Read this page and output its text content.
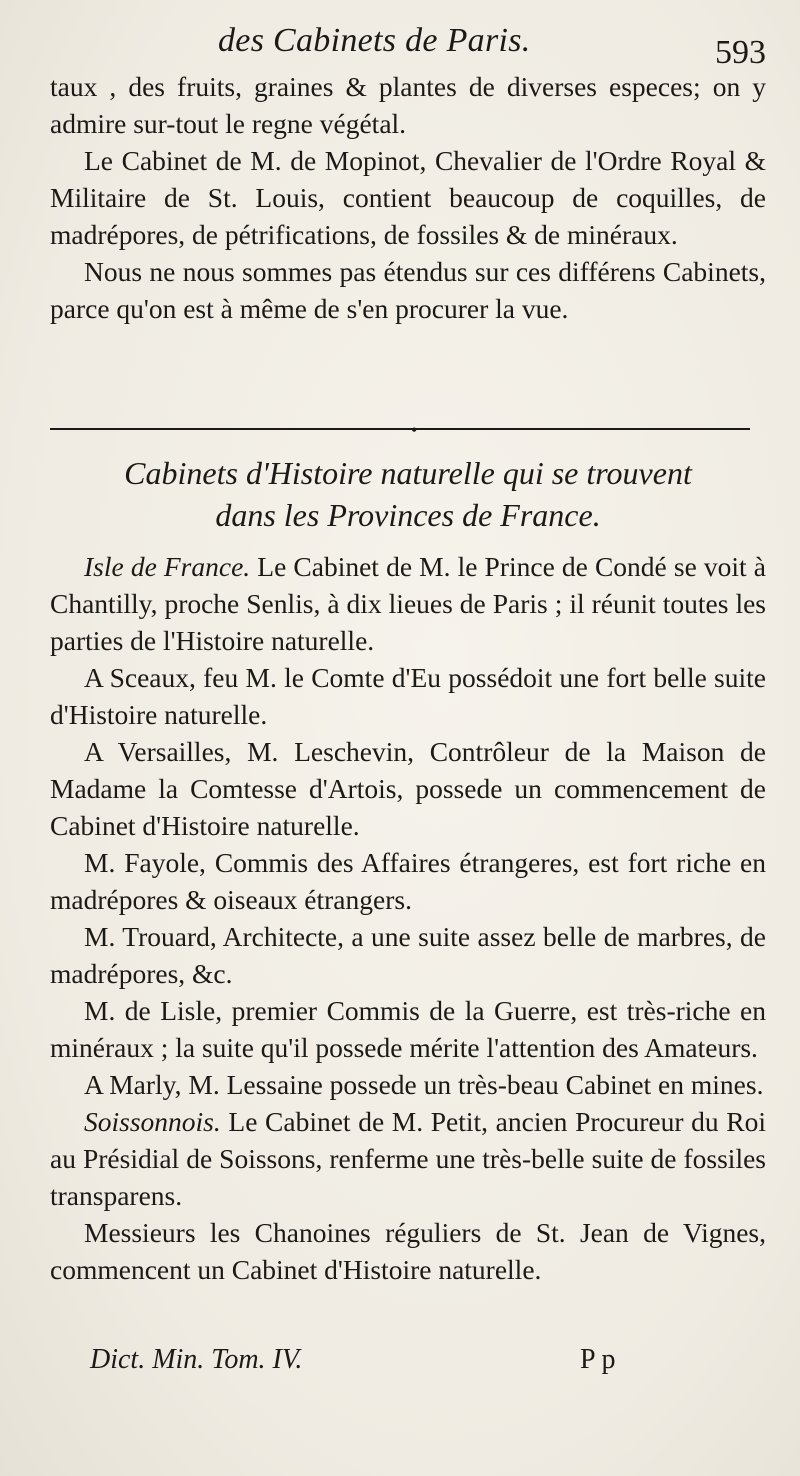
des Cabinets de Paris.	593

taux , des fruits, graines & plantes de diverses especes; on y admire sur-tout le regne végétal.

Le Cabinet de M. de Mopinot, Chevalier de l'Ordre Royal & Militaire de St. Louis, contient beaucoup de coquilles, de madrépores, de pétrifications, de fossiles & de minéraux.

Nous ne nous sommes pas étendus sur ces différens Cabinets, parce qu'on est à même de s'en procurer la vue.

•
Cabinets d'Histoire naturelle qui se trouvent
dans les Provinces de France.

Isle de France. Le Cabinet de M. le Prince de Condé se voit à Chantilly, proche Senlis, à dix lieues de Paris ; il réunit toutes les parties de l'Histoire naturelle.

A Sceaux, feu M. le Comte d'Eu possédoit une fort belle suite d'Histoire naturelle.

A Versailles, M. Leschevin, Contrôleur de la Maison de Madame la Comtesse d'Artois, possede un commencement de Cabinet d'Histoire naturelle.

M. Fayole, Commis des Affaires étrangeres, est fort riche en madrépores & oiseaux étrangers.

M. Trouard, Architecte, a une suite assez belle de marbres, de madrépores, &c.

M. de Lisle, premier Commis de la Guerre, est très-riche en minéraux ; la suite qu'il possede mérite l'attention des Amateurs.

A Marly, M. Lessaine possede un très-beau Cabinet en mines.

Soissonnois. Le Cabinet de M. Petit, ancien Procureur du Roi au Présidial de Soissons, renferme une très-belle suite de fossiles transparens.

Messieurs les Chanoines réguliers de St. Jean de Vignes, commencent un Cabinet d'Histoire naturelle.

Dict. Min. Tom. IV.	P p
